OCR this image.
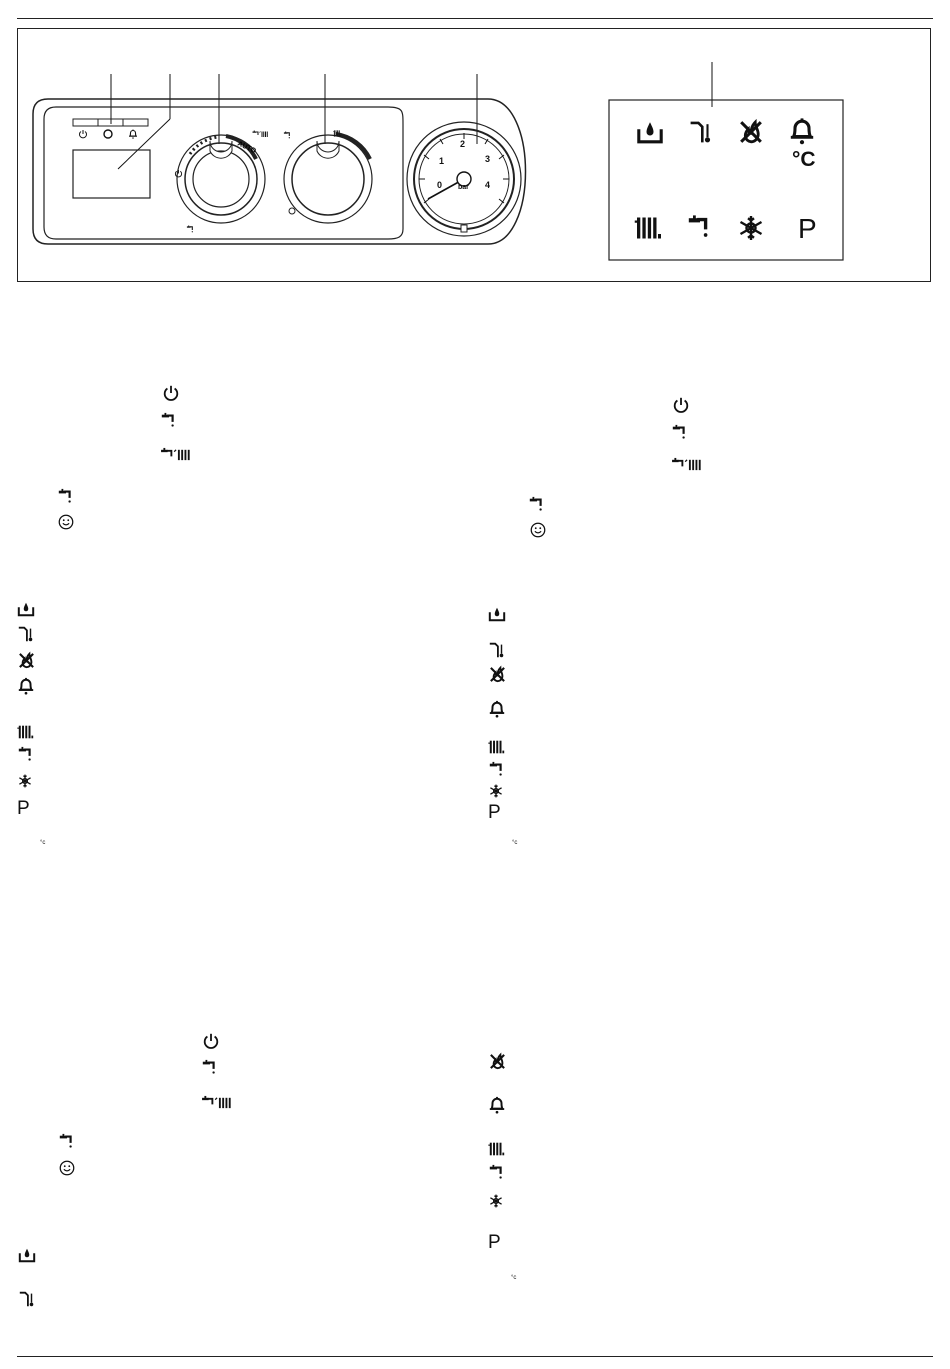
AUTO
0
1
2
3
4
bar
°C
P
P
°c
P
°c
P
°c
